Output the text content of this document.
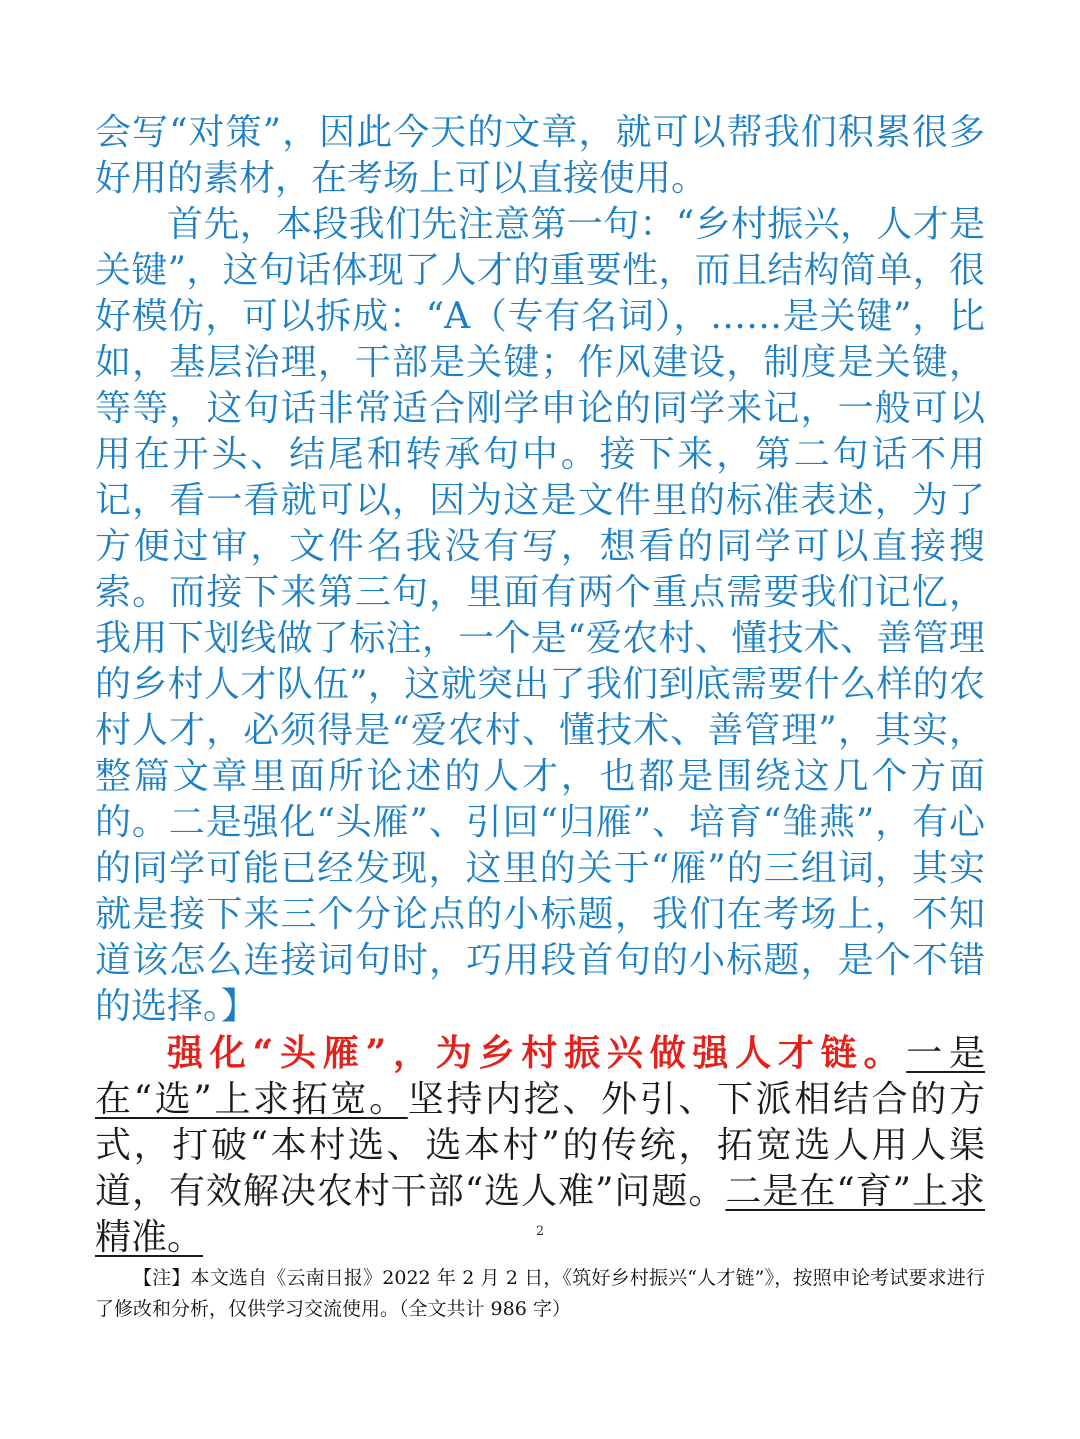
会写“对策”，因此今天的文章，就可以帮我们积累很多好用的素材，在考场上可以直接使用。

首先，本段我们先注意第一句：“乡村振兴，人才是关键”，这句话体现了人才的重要性，而且结构简单，很好模仿，可以拆成：“A（专有名词），……是关键”，比如，基层治理，干部是关键；作风建设，制度是关键，等等，这句话非常适合刚学申论的同学来记，一般可以用在开头、结尾和转承句中。接下来，第二句话不用记，看一看就可以，因为这是文件里的标准表述，为了方便过审，文件名我没有写，想看的同学可以直接搜索。而接下来第三句，里面有两个重点需要我们记忆，我用下划线做了标注，一个是“爱农村、懂技术、善管理的乡村人才队伍”，这就突出了我们到底需要什么样的农村人才，必须得是“爱农村、懂技术、善管理”，其实，整篇文章里面所论述的人才，也都是围绕这几个方面的。二是强化“头雁”、引回“归雁”、培育“雏燕”，有心的同学可能已经发现，这里的关于“雁”的三组词，其实就是接下来三个分论点的小标题，我们在考场上，不知道该怎么连接词句时，巧用段首句的小标题，是个不错的选择。】

强化“头雁”，为乡村振兴做强人才链。一是在“选”上求拓宽。坚持内挖、外引、下派相结合的方式，打破“本村选、选本村”的传统，拓宽选人用人渠道，有效解决农村干部“选人难”问题。二是在“育”上求精准。	2

【注】本文选自《云南日报》2022 年 2 月 2 日，《筑好乡村振兴“人才链”》，按照申论考试要求进行了修改和分析，仅供学习交流使用。（全文共计 986 字）
